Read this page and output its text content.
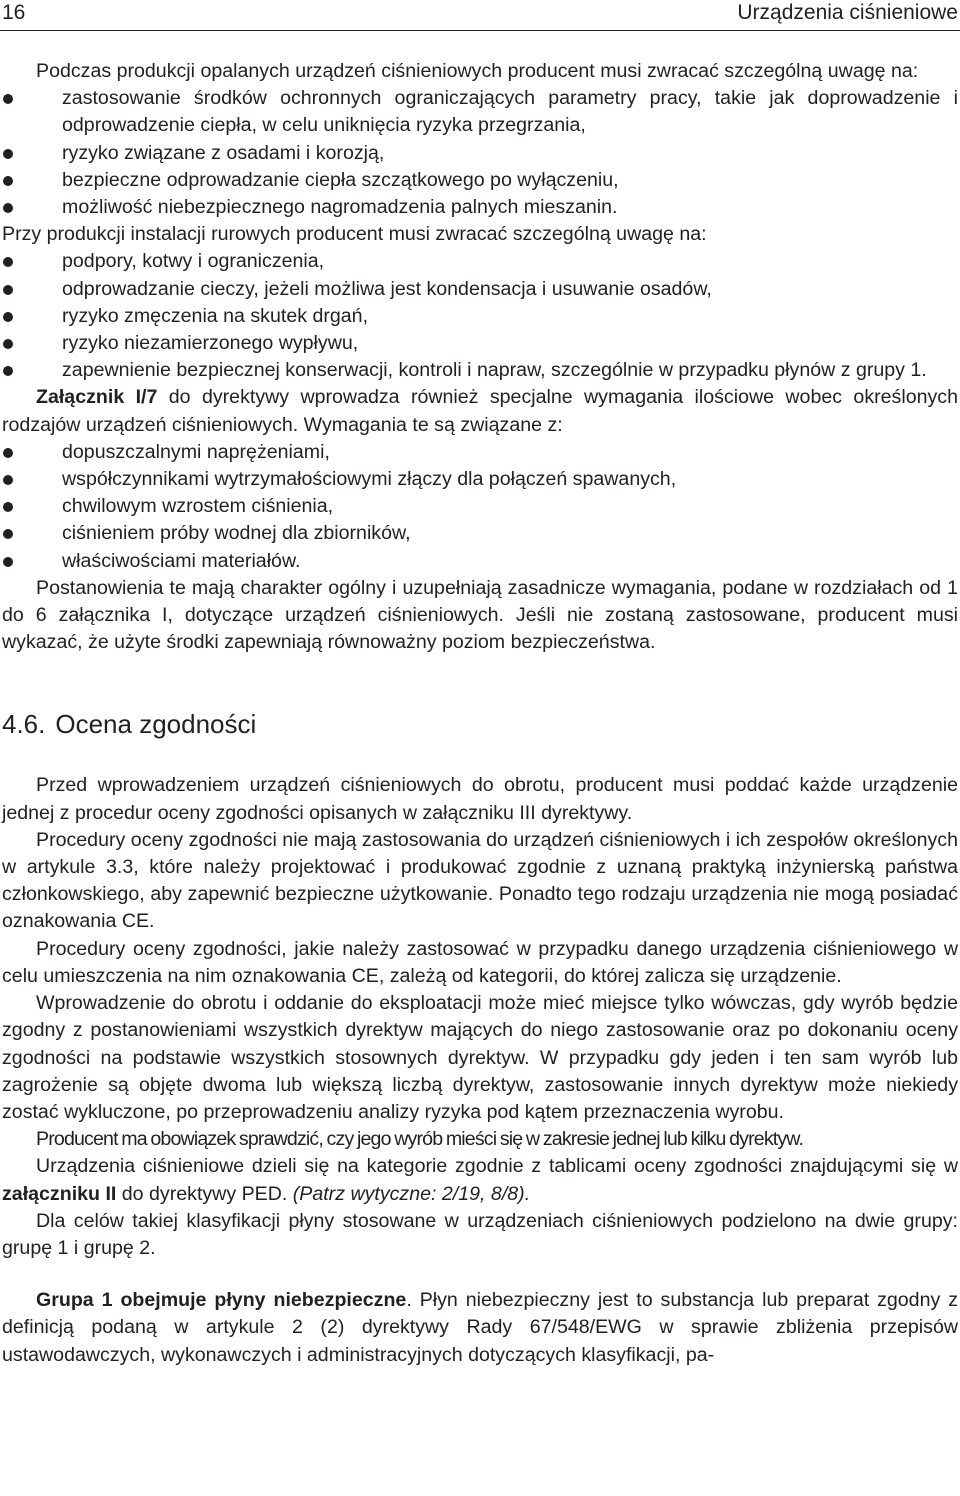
16	Urządzenia ciśnieniowe

Podczas produkcji opalanych urządzeń ciśnieniowych producent musi zwracać szczególną uwagę na:

zastosowanie środków ochronnych ograniczających parametry pracy, takie jak doprowadzenie i odprowadzenie ciepła, w celu uniknięcia ryzyka przegrzania,
ryzyko związane z osadami i korozją,
bezpieczne odprowadzanie ciepła szczątkowego po wyłączeniu,
możliwość niebezpiecznego nagromadzenia palnych mieszanin.

Przy produkcji instalacji rurowych producent musi zwracać szczególną uwagę na:

podpory, kotwy i ograniczenia,
odprowadzanie cieczy, jeżeli możliwa jest kondensacja i usuwanie osadów,
ryzyko zmęczenia na skutek drgań,
ryzyko niezamierzonego wypływu,
zapewnienie bezpiecznej konserwacji, kontroli i napraw, szczególnie w przypadku płynów z grupy 1.

Załącznik I/7 do dyrektywy wprowadza również specjalne wymagania ilościowe wobec określonych rodzajów urządzeń ciśnieniowych. Wymagania te są związane z:

dopuszczalnymi naprężeniami,
współczynnikami wytrzymałościowymi złączy dla połączeń spawanych,
chwilowym wzrostem ciśnienia,
ciśnieniem próby wodnej dla zbiorników,
właściwościami materiałów.

Postanowienia te mają charakter ogólny i uzupełniają zasadnicze wymagania, podane w rozdziałach od 1 do 6 załącznika I, dotyczące urządzeń ciśnieniowych. Jeśli nie zostaną zastosowane, producent musi wykazać, że użyte środki zapewniają równoważny poziom bezpieczeństwa.

4.6. Ocena zgodności

Przed wprowadzeniem urządzeń ciśnieniowych do obrotu, producent musi poddać każde urządzenie jednej z procedur oceny zgodności opisanych w załączniku III dyrektywy.

Procedury oceny zgodności nie mają zastosowania do urządzeń ciśnieniowych i ich zespołów określonych w artykule 3.3, które należy projektować i produkować zgodnie z uznaną praktyką inżynierską państwa członkowskiego, aby zapewnić bezpieczne użytkowanie. Ponadto tego rodzaju urządzenia nie mogą posiadać oznakowania CE.

Procedury oceny zgodności, jakie należy zastosować w przypadku danego urządzenia ciśnieniowego w celu umieszczenia na nim oznakowania CE, zależą od kategorii, do której zalicza się urządzenie.

Wprowadzenie do obrotu i oddanie do eksploatacji może mieć miejsce tylko wówczas, gdy wyrób będzie zgodny z postanowieniami wszystkich dyrektyw mających do niego zastosowanie oraz po dokonaniu oceny zgodności na podstawie wszystkich stosownych dyrektyw. W przypadku gdy jeden i ten sam wyrób lub zagrożenie są objęte dwoma lub większą liczbą dyrektyw, zastosowanie innych dyrektyw może niekiedy zostać wykluczone, po przeprowadzeniu analizy ryzyka pod kątem przeznaczenia wyrobu.

Producent ma obowiązek sprawdzić, czy jego wyrób mieści się w zakresie jednej lub kilku dyrektyw.

Urządzenia ciśnieniowe dzieli się na kategorie zgodnie z tablicami oceny zgodności znajdującymi się w załączniku II do dyrektywy PED. (Patrz wytyczne: 2/19, 8/8).

Dla celów takiej klasyfikacji płyny stosowane w urządzeniach ciśnieniowych podzielono na dwie grupy: grupę 1 i grupę 2.

Grupa 1 obejmuje płyny niebezpieczne. Płyn niebezpieczny jest to substancja lub preparat zgodny z definicją podaną w artykule 2 (2) dyrektywy Rady 67/548/EWG w sprawie zbliżenia przepisów ustawodawczych, wykonawczych i administracyjnych dotyczących klasyfikacji, pa-
